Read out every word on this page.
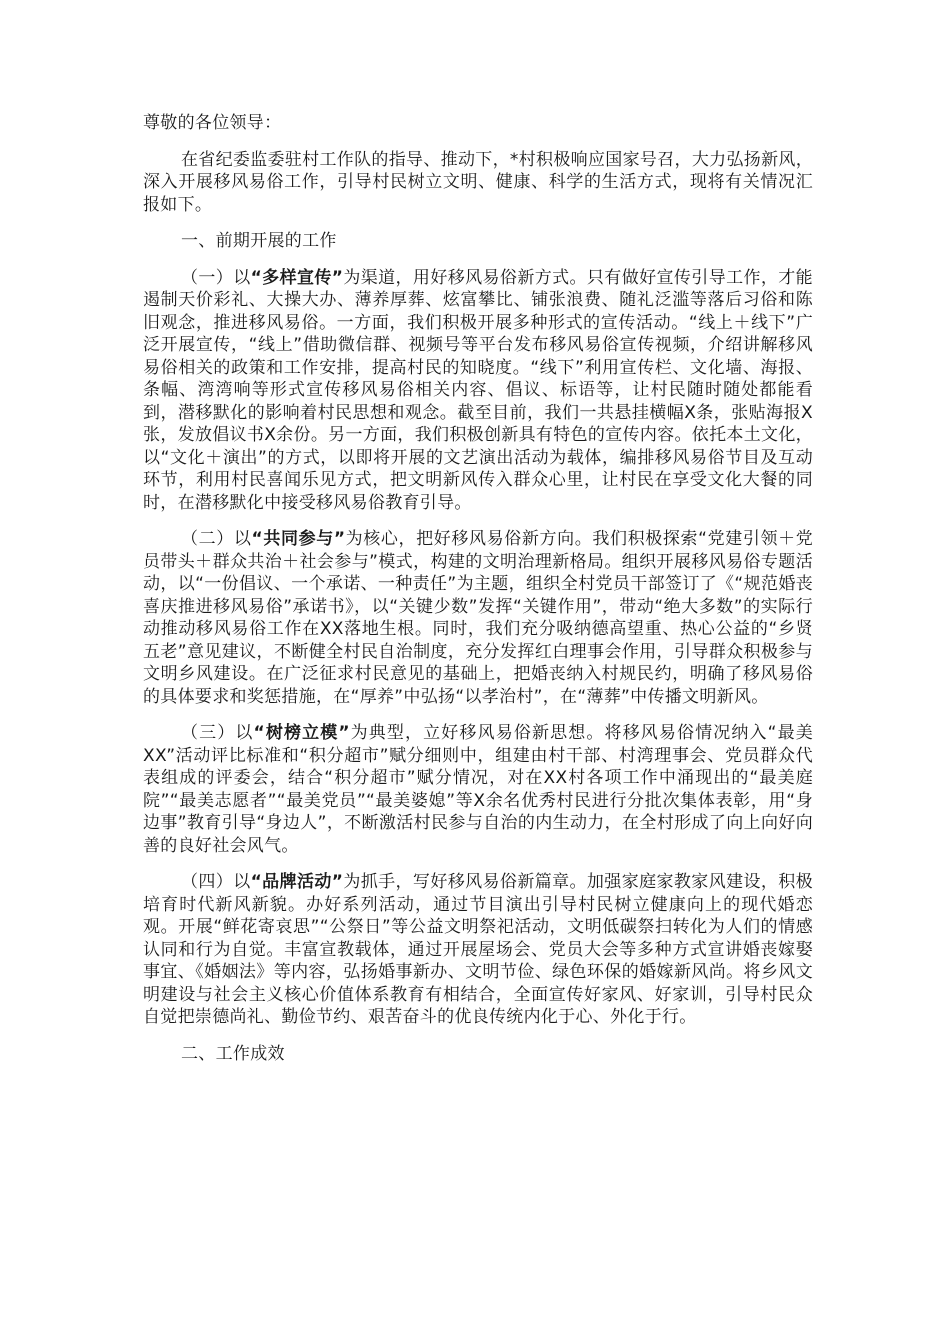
尊敬的各位领导：

在省纪委监委驻村工作队的指导、推动下，*村积极响应国家号召，大力弘扬新风，深入开展移风易俗工作，引导村民树立文明、健康、科学的生活方式，现将有关情况汇报如下。

一、前期开展的工作

（一）以“多样宣传”为渠道，用好移风易俗新方式。只有做好宣传引导工作，才能遏制天价彩礼、大操大办、薄养厚葬、炫富攀比、铺张浪费、随礼泛滥等落后习俗和陈旧观念，推进移风易俗。一方面，我们积极开展多种形式的宣传活动。“线上＋线下”广泛开展宣传，“线上”借助微信群、视频号等平台发布移风易俗宣传视频，介绍讲解移风易俗相关的政策和工作安排，提高村民的知晓度。“线下”利用宣传栏、文化墙、海报、条幅、湾湾响等形式宣传移风易俗相关内容、倡议、标语等，让村民随时随处都能看到，潜移默化的影响着村民思想和观念。截至目前，我们一共悬挂横幅X条，张贴海报X张，发放倡议书X余份。另一方面，我们积极创新具有特色的宣传内容。依托本土文化，以“文化＋演出”的方式，以即将开展的文艺演出活动为载体，编排移风易俗节目及互动环节，利用村民喜闻乐见方式，把文明新风传入群众心里，让村民在享受文化大餐的同时，在潜移默化中接受移风易俗教育引导。

（二）以“共同参与”为核心，把好移风易俗新方向。我们积极探索“党建引领＋党员带头＋群众共治＋社会参与”模式，构建的文明治理新格局。组织开展移风易俗专题活动，以“一份倡议、一个承诺、一种责任”为主题，组织全村党员干部签订了《“规范婚丧喜庆推进移风易俗”承诺书》，以“关键少数”发挥“关键作用”，带动“绝大多数”的实际行动推动移风易俗工作在XX落地生根。同时，我们充分吸纳德高望重、热心公益的“乡贤五老”意见建议，不断健全村民自治制度，充分发挥红白理事会作用，引导群众积极参与文明乡风建设。在广泛征求村民意见的基础上，把婚丧纳入村规民约，明确了移风易俗的具体要求和奖惩措施，在“厚养”中弘扬“以孝治村”，在“薄葬”中传播文明新风。

（三）以“树榜立模”为典型，立好移风易俗新思想。将移风易俗情况纳入“最美XX”活动评比标准和“积分超市”赋分细则中，组建由村干部、村湾理事会、党员群众代表组成的评委会，结合“积分超市”赋分情况，对在XX村各项工作中涌现出的“最美庭院”“最美志愿者”“最美党员”“最美婆媳”等X余名优秀村民进行分批次集体表彰，用“身边事”教育引导“身边人”，不断激活村民参与自治的内生动力，在全村形成了向上向好向善的良好社会风气。

（四）以“品牌活动”为抓手，写好移风易俗新篇章。加强家庭家教家风建设，积极培育时代新风新貌。办好系列活动，通过节目演出引导村民树立健康向上的现代婚恋观。开展“鲜花寄哀思”“公祭日”等公益文明祭祀活动，文明低碳祭扫转化为人们的情感认同和行为自觉。丰富宣教载体，通过开展屋场会、党员大会等多种方式宣讲婚丧嫁娶事宜、《婚姻法》等内容，弘扬婚事新办、文明节俭、绿色环保的婚嫁新风尚。将乡风文明建设与社会主义核心价值体系教育有相结合，全面宣传好家风、好家训，引导村民众自觉把崇德尚礼、勤俭节约、艰苦奋斗的优良传统内化于心、外化于行。

二、工作成效
